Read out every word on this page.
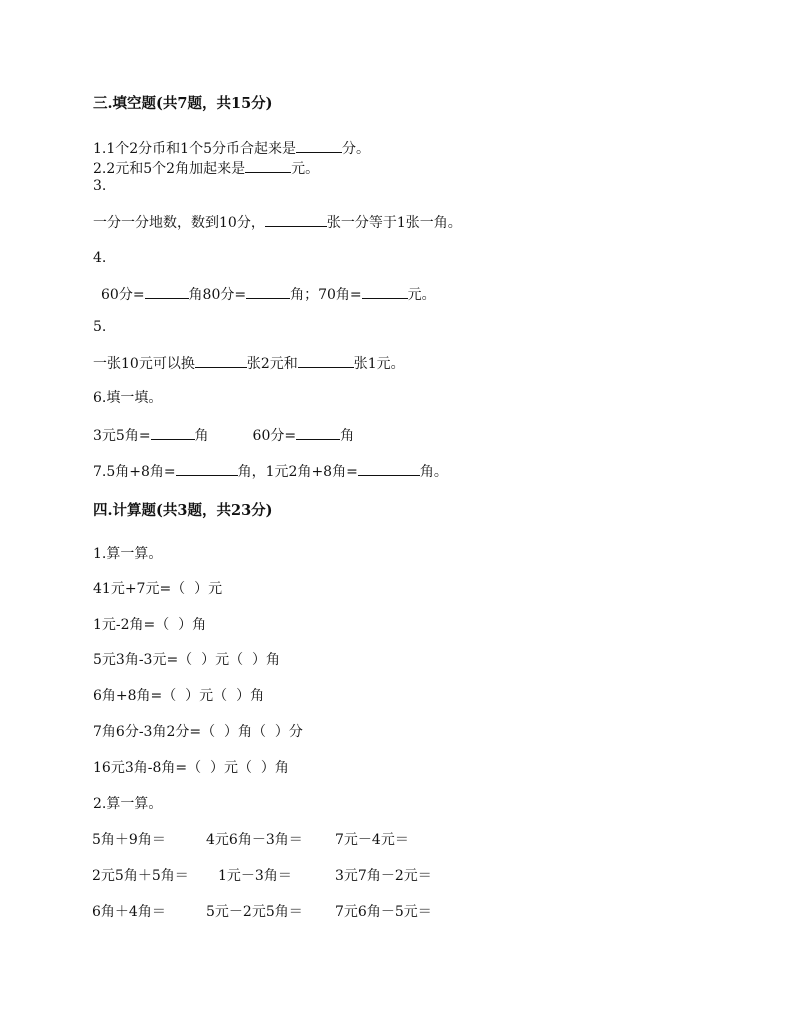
三.填空题(共7题，共15分)
1.1个2分币和1个5分币合起来是	分。
2.2元和5个2角加起来是	元。
3.
一分一分地数，数到10分，	张一分等于1张一角。
4.
60分=	角80分=	角；70角=	元。
5.
一张10元可以换	张2元和	张1元。
6.填一填。
3元5角=	角	60分=	角
7.5角+8角=	角，1元2角+8角=	角。
四.计算题(共3题，共23分)
1.算一算。
41元+7元=（  ）元
1元-2角=（  ）角
5元3角-3元=（  ）元（  ）角
6角+8角=（  ）元（  ）角
7角6分-3角2分=（  ）角（  ）分
16元3角-8角=（  ）元（  ）角
2.算一算。
5角＋9角＝	4元6角－3角＝ 7元－4元＝
2元5角＋5角＝ 1元－3角＝	3元7角－2元＝
6角＋4角＝	5元－2元5角＝ 7元6角－5元＝
